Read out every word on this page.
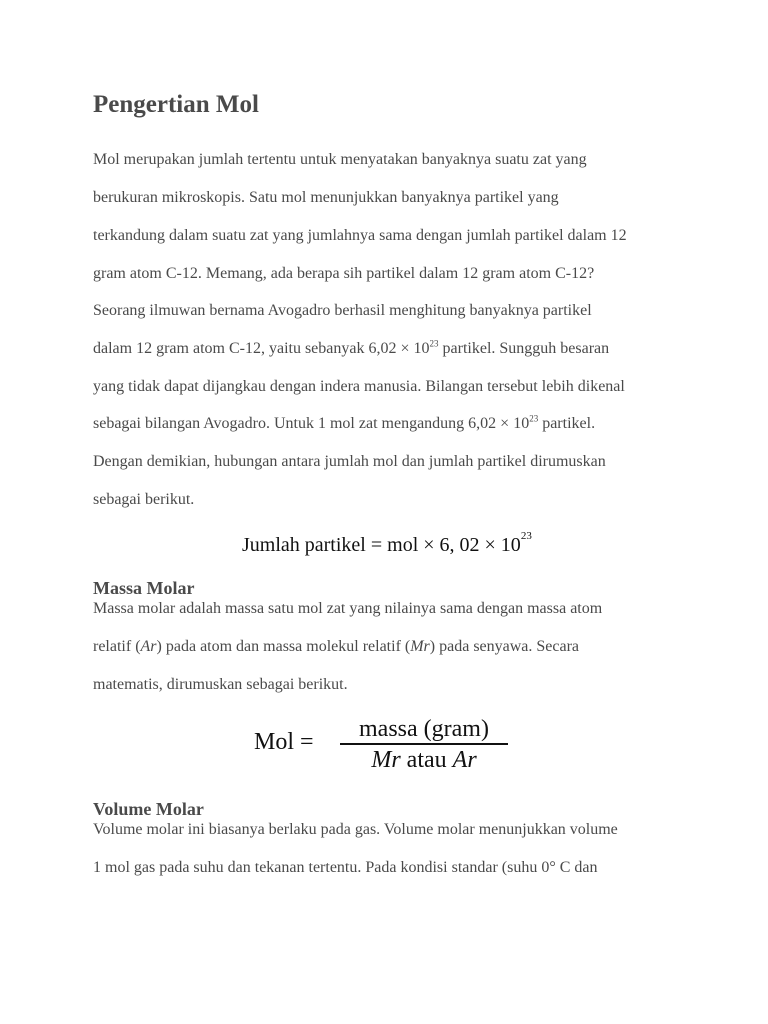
Pengertian Mol
Mol merupakan jumlah tertentu untuk menyatakan banyaknya suatu zat yang
berukuran mikroskopis. Satu mol menunjukkan banyaknya partikel yang
terkandung dalam suatu zat yang jumlahnya sama dengan jumlah partikel dalam 12
gram atom C-12. Memang, ada berapa sih partikel dalam 12 gram atom C-12?
Seorang ilmuwan bernama Avogadro berhasil menghitung banyaknya partikel
dalam 12 gram atom C-12, yaitu sebanyak $6,02 \times 10^{23}$ partikel. Sungguh besaran
yang tidak dapat dijangkau dengan indera manusia. Bilangan tersebut lebih dikenal
sebagai bilangan Avogadro. Untuk 1 mol zat mengandung $6,02 \times 10^{23}$ partikel.
Dengan demikian, hubungan antara jumlah mol dan jumlah partikel dirumuskan
sebagai berikut.
Jumlah partikel = mol × 6, $02 \times 10^{23}$
Massa Molar
Massa molar adalah massa satu mol zat yang nilainya sama dengan massa atom
relatif (Ar) pada atom dan massa molekul relatif (Mr) pada senyawa. Secara
matematis, dirumuskan sebagai berikut.
Mol =	massa (gram)
Mr atau Ar
Volume Molar
Volume molar ini biasanya berlaku pada gas. Volume molar menunjukkan volume
1 mol gas pada suhu dan tekanan tertentu. Pada kondisi standar (suhu 0° C dan
